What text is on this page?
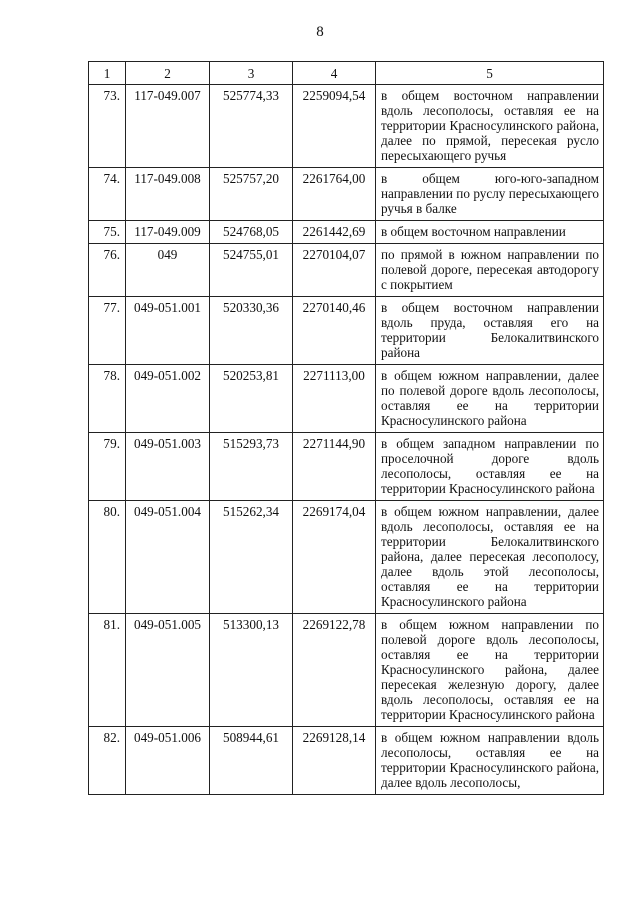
8
1	2	3	4	5
73.	117-049.007	525774,33	2259094,54	в общем восточном направлении вдоль лесополосы, оставляя ее на территории Красносулинского района, далее по прямой, пересекая русло пересыхающего ручья
74.	117-049.008	525757,20	2261764,00	в общем юго-юго-западном направлении по руслу пересыхающего ручья в балке
75.	117-049.009	524768,05	2261442,69	в общем восточном направлении
76.	049	524755,01	2270104,07	по прямой в южном направлении по полевой дороге, пересекая автодорогу с покрытием
77.	049-051.001	520330,36	2270140,46	в общем восточном направлении вдоль пруда, оставляя его на территории Белокалитвинского района
78.	049-051.002	520253,81	2271113,00	в общем южном направлении, далее по полевой дороге вдоль лесополосы, оставляя ее на территории Красносулинского района
79.	049-051.003	515293,73	2271144,90	в общем западном направлении по проселочной дороге вдоль лесополосы, оставляя ее на территории Красносулинского района
80.	049-051.004	515262,34	2269174,04	в общем южном направлении, далее вдоль лесополосы, оставляя ее на территории Белокалитвинского района, далее пересекая лесополосу, далее вдоль этой лесополосы, оставляя ее на территории Красносулинского района
81.	049-051.005	513300,13	2269122,78	в общем южном направлении по полевой дороге вдоль лесополосы, оставляя ее на территории Красносулинского района, далее пересекая железную дорогу, далее вдоль лесополосы, оставляя ее на территории Красносулинского района
82.	049-051.006	508944,61	2269128,14	в общем южном направлении вдоль лесополосы, оставляя ее на территории Красносулинского района, далее вдоль лесополосы,
